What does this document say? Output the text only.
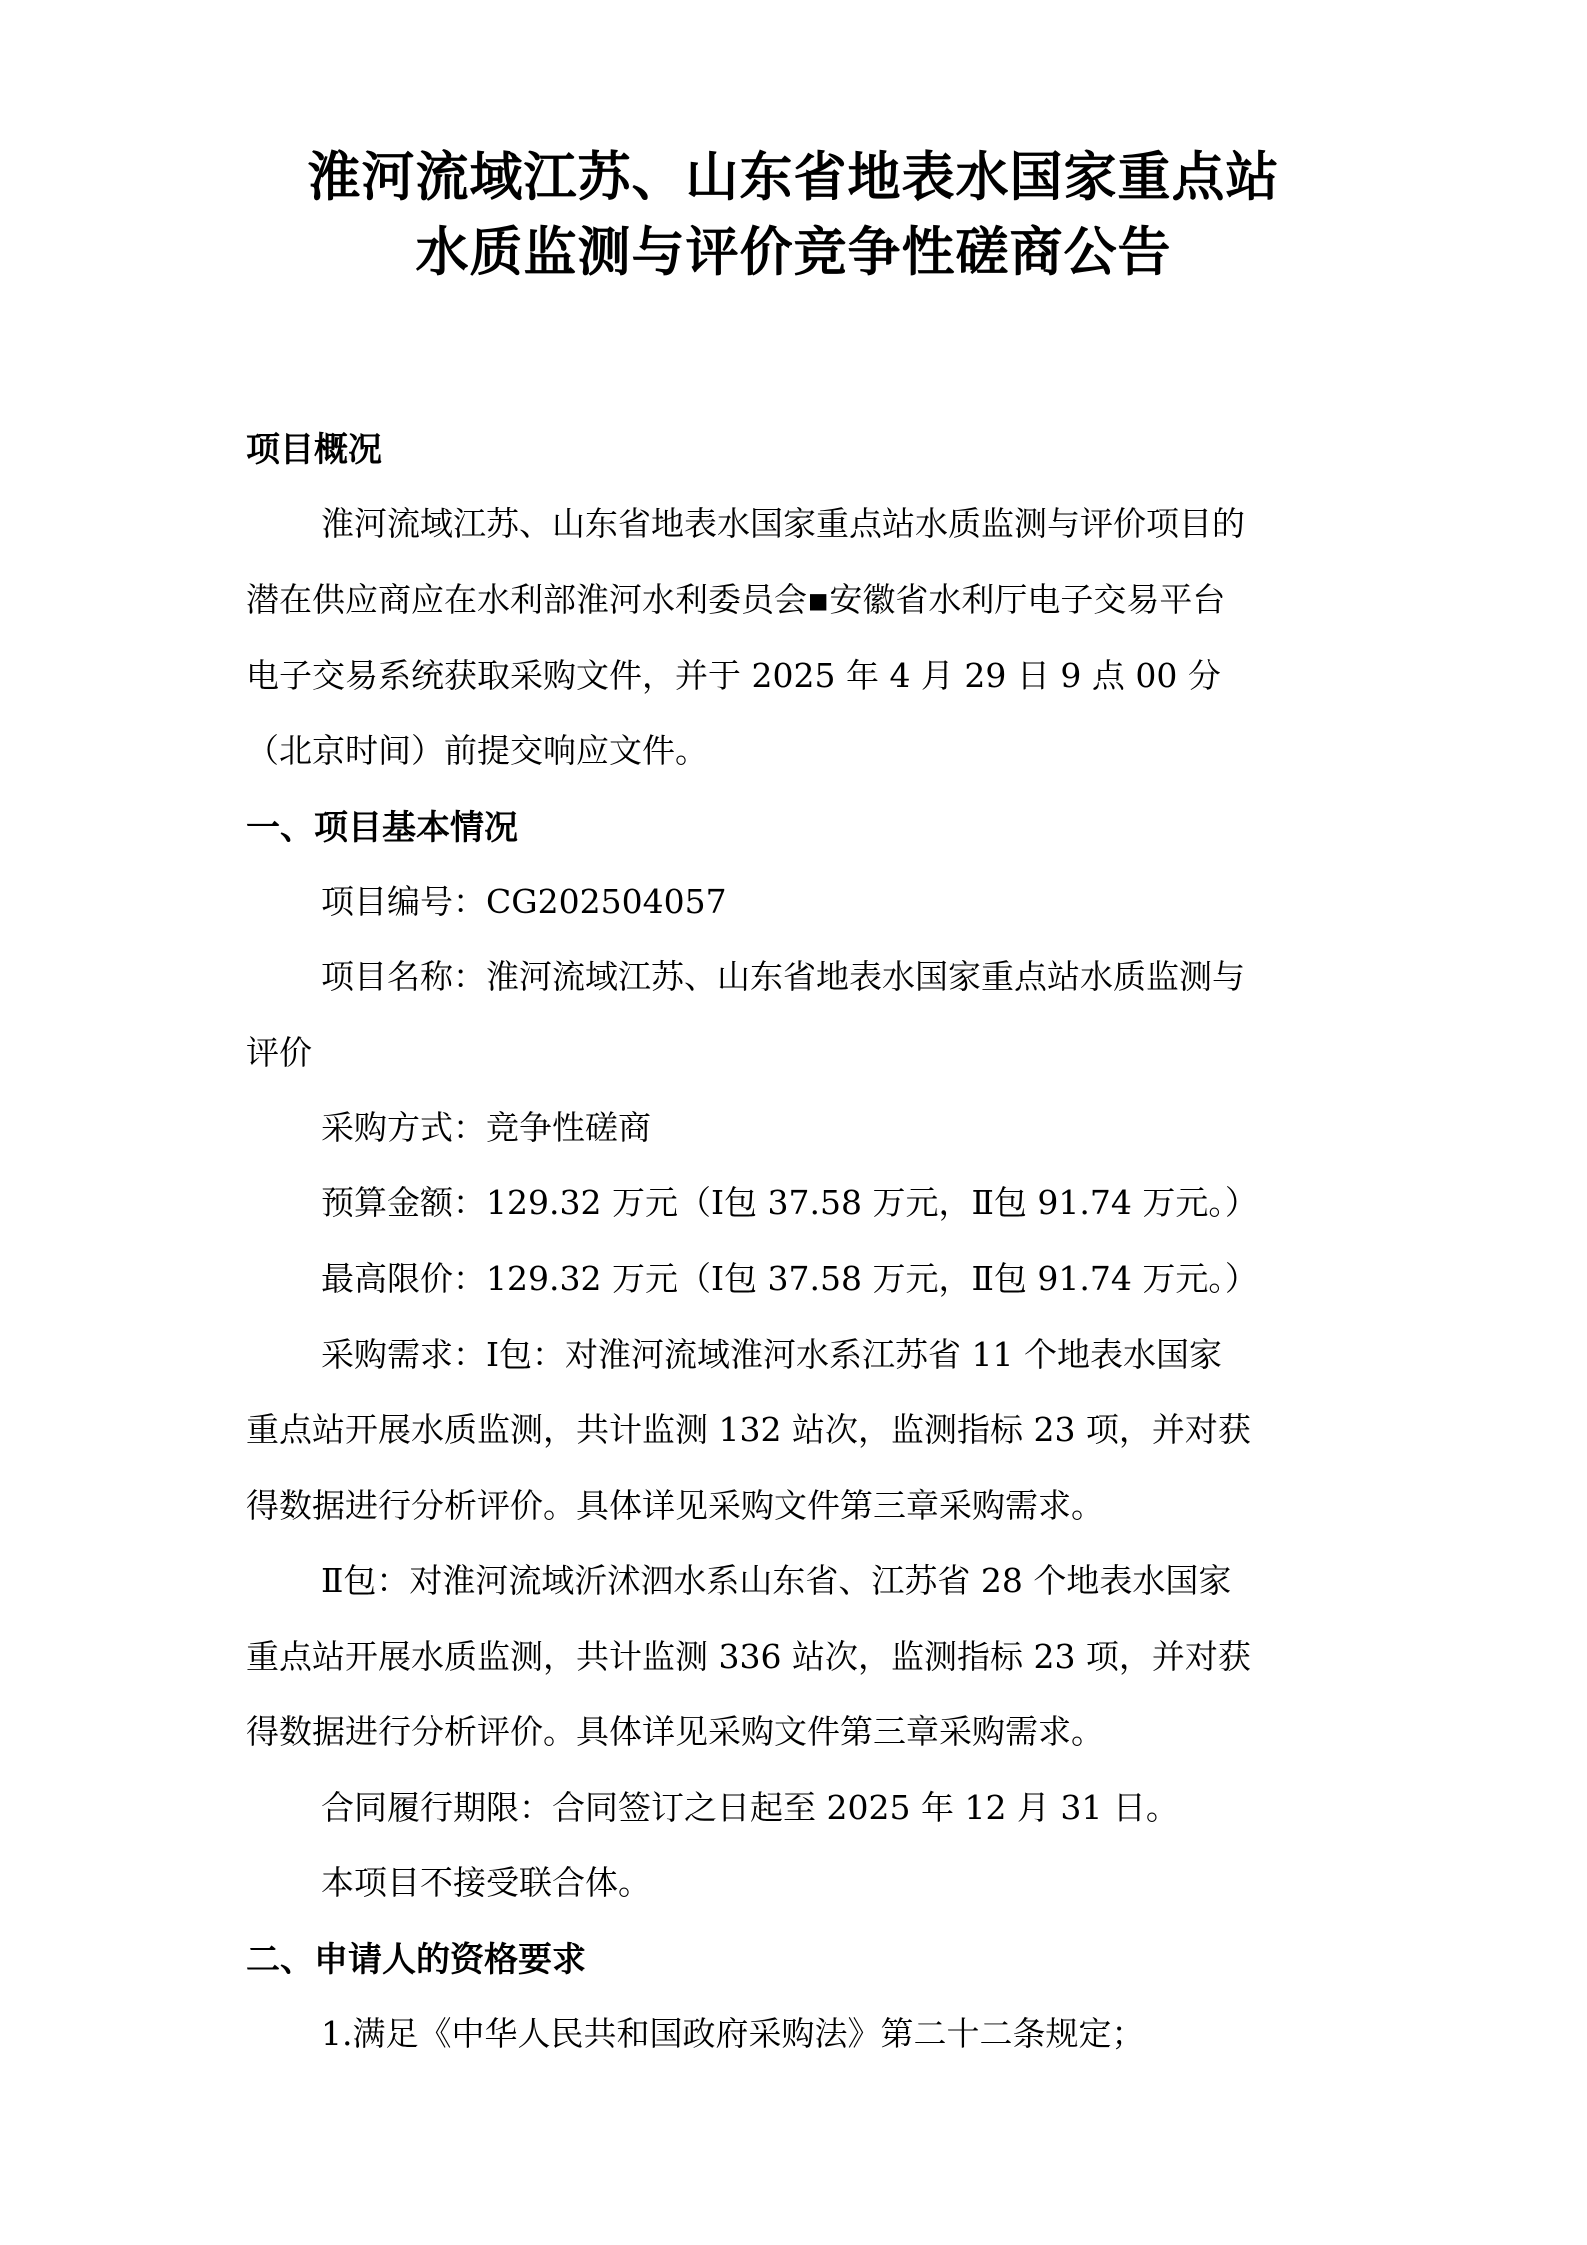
淮河流域江苏、山东省地表水国家重点站
水质监测与评价竞争性磋商公告
项目概况
淮河流域江苏、山东省地表水国家重点站水质监测与评价项目的
潜在供应商应在水利部淮河水利委员会▪安徽省水利厅电子交易平台
电子交易系统获取采购文件，并于 2025 年 4 月 29 日 9 点 00 分
（北京时间）前提交响应文件。
一、项目基本情况
项目编号：CG202504057
项目名称：淮河流域江苏、山东省地表水国家重点站水质监测与
评价
采购方式：竞争性磋商
预算金额：129.32 万元（Ⅰ包 37.58 万元，Ⅱ包 91.74 万元。）
最高限价：129.32 万元（Ⅰ包 37.58 万元，Ⅱ包 91.74 万元。）
采购需求：Ⅰ包：对淮河流域淮河水系江苏省 11 个地表水国家
重点站开展水质监测，共计监测 132 站次，监测指标 23 项，并对获
得数据进行分析评价。具体详见采购文件第三章采购需求。
Ⅱ包：对淮河流域沂沭泗水系山东省、江苏省 28 个地表水国家
重点站开展水质监测，共计监测 336 站次，监测指标 23 项，并对获
得数据进行分析评价。具体详见采购文件第三章采购需求。
合同履行期限：合同签订之日起至 2025 年 12 月 31 日。
本项目不接受联合体。
二、申请人的资格要求
1.满足《中华人民共和国政府采购法》第二十二条规定；
